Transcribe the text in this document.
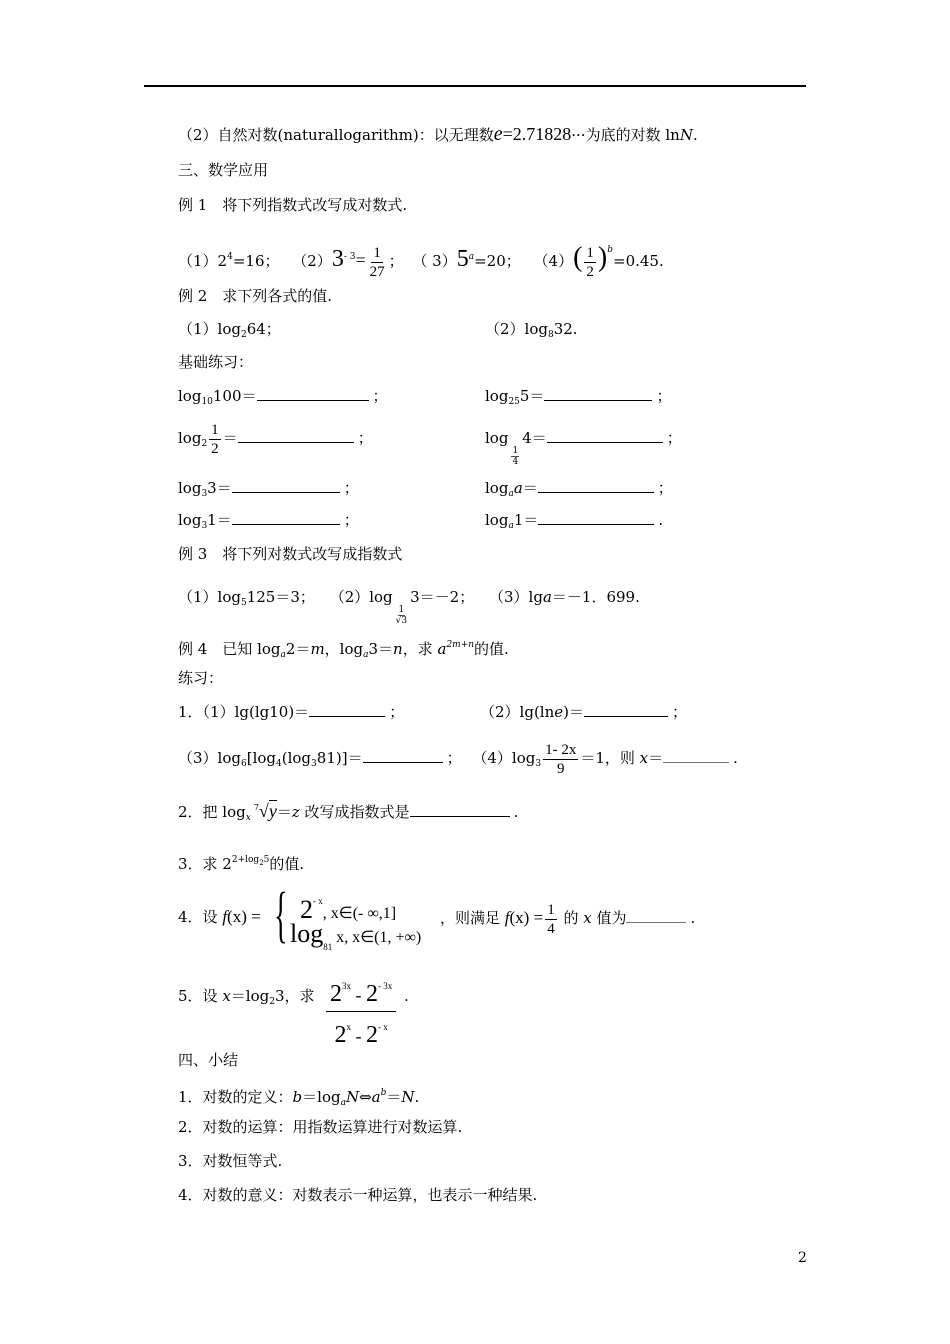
（2）自然对数(naturallogarithm)：以无理数e=2.71828···为底的对数 lnN.
三、数学应用
例 1　将下列指数式改写成对数式.
$(1)2^4=16$； $(2)3^{- 3}= \frac{1}{27}$ ； （ $3)5^a=20$； $(4)( \frac{1}{2} )^b=0.45$.
例 2　求下列各式的值.
$(1)\log_264$；	$(2)\log_832$.
基础练习：
$\log_{10}100=$	；	$\log_{25}5=$	；
$\log_2 \frac{1}{2}$ ＝	；	log
$\frac{1}{4}$
4＝	；
$\log_33=$	；	$\log_aa=$	；
$\log_31=$	；	$\log_a1=$	.
例 3　将下列对数式改写成指数式
$(1)\log_5125=3$； （2）log
$\frac{1}{√3}$
3＝－2； （3）lga＝－1．699.
例 4　已知 $\log_a2=m$，$\log_a3=n$，求 $a^{2m+n}$的值.
练习：
1．（1）lg(lg10)＝	；	（2）lg(lne)＝	；
$(3)\log_6[\log_4(\log_381)]=$	； $(4)\log_3 \frac{1- 2x}{9} =1$，则 x＝	.
2．把 $\log_x^7√y=z$ 改写成指数式是	.
3．求 $2^{2+log25}$的值.
4．设 f(x) = { $2^{- x}$, x∈(- ∞,1]
$\log_{81} x$, x∈(1, +∞)
，则满足 $f(x) = \frac{1}{4}$ 的 x 值为	.
5．设 $x=\log_23$，求 $\frac{2^{3x} - 2^{- 3x}}{2^x - 2^{- x}}$ .
四、小结
1．对数的定义：$b=\log_aN\Leftrightarrow a^b=N$.
2．对数的运算：用指数运算进行对数运算.
3．对数恒等式.
4．对数的意义：对数表示一种运算，也表示一种结果.
2
